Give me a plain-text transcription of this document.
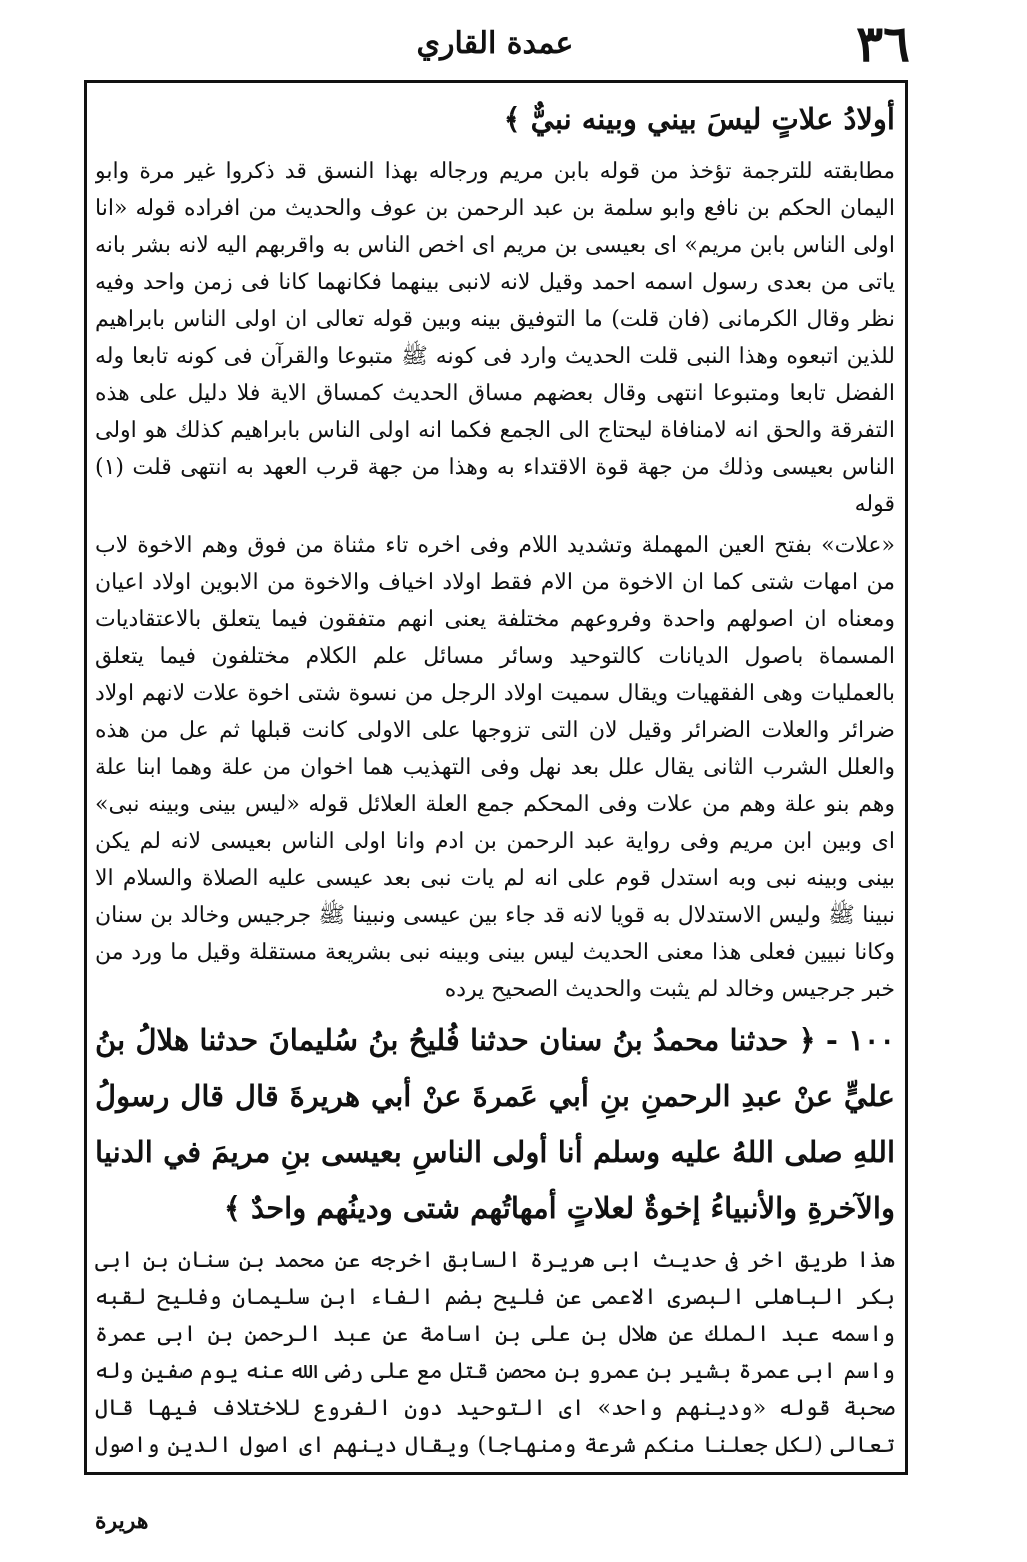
٣٦
عمدة القاري

أولادُ علاتٍ ليسَ بيني وبينه نبيٌّ ﴾

مطابقته للترجمة تؤخذ من قوله بابن مريم ورجاله بهذا النسق قد ذكروا غير مرة وابو اليمان الحكم بن نافع وابو سلمة بن عبد الرحمن بن عوف والحديث من افراده قوله «انا اولى الناس بابن مريم» اى بعيسى بن مريم اى اخص الناس به واقربهم اليه لانه بشر بانه ياتى من بعدى رسول اسمه احمد وقيل لانه لانبى بينهما فكانهما كانا فى زمن واحد وفيه نظر وقال الكرمانى (فان قلت) ما التوفيق بينه وبين قوله تعالى ان اولى الناس بابراهيم للذين اتبعوه وهذا النبى قلت الحديث وارد فى كونه ﷺ متبوعا والقرآن فى كونه تابعا وله الفضل تابعا ومتبوعا انتهى وقال بعضهم مساق الحديث كمساق الاية فلا دليل على هذه التفرقة والحق انه لامنافاة ليحتاج الى الجمع فكما انه اولى الناس بابراهيم كذلك هو اولى الناس بعيسى وذلك من جهة قوة الاقتداء به وهذا من جهة قرب العهد به انتهى قلت (١) قوله

«علات» بفتح العين المهملة وتشديد اللام وفى اخره تاء مثناة من فوق وهم الاخوة لاب من امهات شتى كما ان الاخوة من الام فقط اولاد اخياف والاخوة من الابوين اولاد اعيان ومعناه ان اصولهم واحدة وفروعهم مختلفة يعنى انهم متفقون فيما يتعلق بالاعتقاديات المسماة باصول الديانات كالتوحيد وسائر مسائل علم الكلام مختلفون فيما يتعلق بالعمليات وهى الفقهيات ويقال سميت اولاد الرجل من نسوة شتى اخوة علات لانهم اولاد ضرائر والعلات الضرائر وقيل لان التى تزوجها على الاولى كانت قبلها ثم عل من هذه والعلل الشرب الثانى يقال علل بعد نهل وفى التهذيب هما اخوان من علة وهما ابنا علة وهم بنو علة وهم من علات وفى المحكم جمع العلة العلائل قوله «ليس بينى وبينه نبى» اى وبين ابن مريم وفى رواية عبد الرحمن بن ادم وانا اولى الناس بعيسى لانه لم يكن بينى وبينه نبى وبه استدل قوم على انه لم يات نبى بعد عيسى عليه الصلاة والسلام الا نبينا ﷺ وليس الاستدلال به قويا لانه قد جاء بين عيسى ونبينا ﷺ جرجيس وخالد بن سنان وكانا نبيين فعلى هذا معنى الحديث ليس بينى وبينه نبى بشريعة مستقلة وقيل ما ورد من خبر جرجيس وخالد لم يثبت والحديث الصحيح يرده

١٠٠ - ﴿ حدثنا محمدُ بنُ سنان حدثنا فُليحُ بنُ سُليمانَ حدثنا هلالُ بنُ عليٍّ عنْ عبدِ الرحمنِ بنِ أبي عَمرةَ عنْ أبي هريرةَ قال قال رسولُ اللهِ صلى اللهُ عليه وسلم أنا أولى الناسِ بعيسى بنِ مريمَ في الدنيا والآخرةِ والأنبياءُ إخوةٌ لعلاتٍ أمهاتُهم شتى ودينُهم واحدٌ ﴾

هذا طريق اخر فى حديث ابى هريرة السابق اخرجه عن محمد بن سنان بن ابى بكر الباهلى البصرى الاعمى عن فليح بضم الفاء ابن سليمان وفليح لقبه واسمه عبد الملك عن هلال بن على بن اسامة عن عبد الرحمن بن ابى عمرة واسم ابى عمرة بشير بن عمرو بن محصن قتل مع على رضى الله عنه يوم صفين وله صحبة قوله «ودينهم واحد» اى التوحيد دون الفروع للاختلاف فيها قال تعالى (لكل جعلنا منكم شرعة ومنهاجا) ويقال دينهم اى اصول الدين واصول

هريرة
